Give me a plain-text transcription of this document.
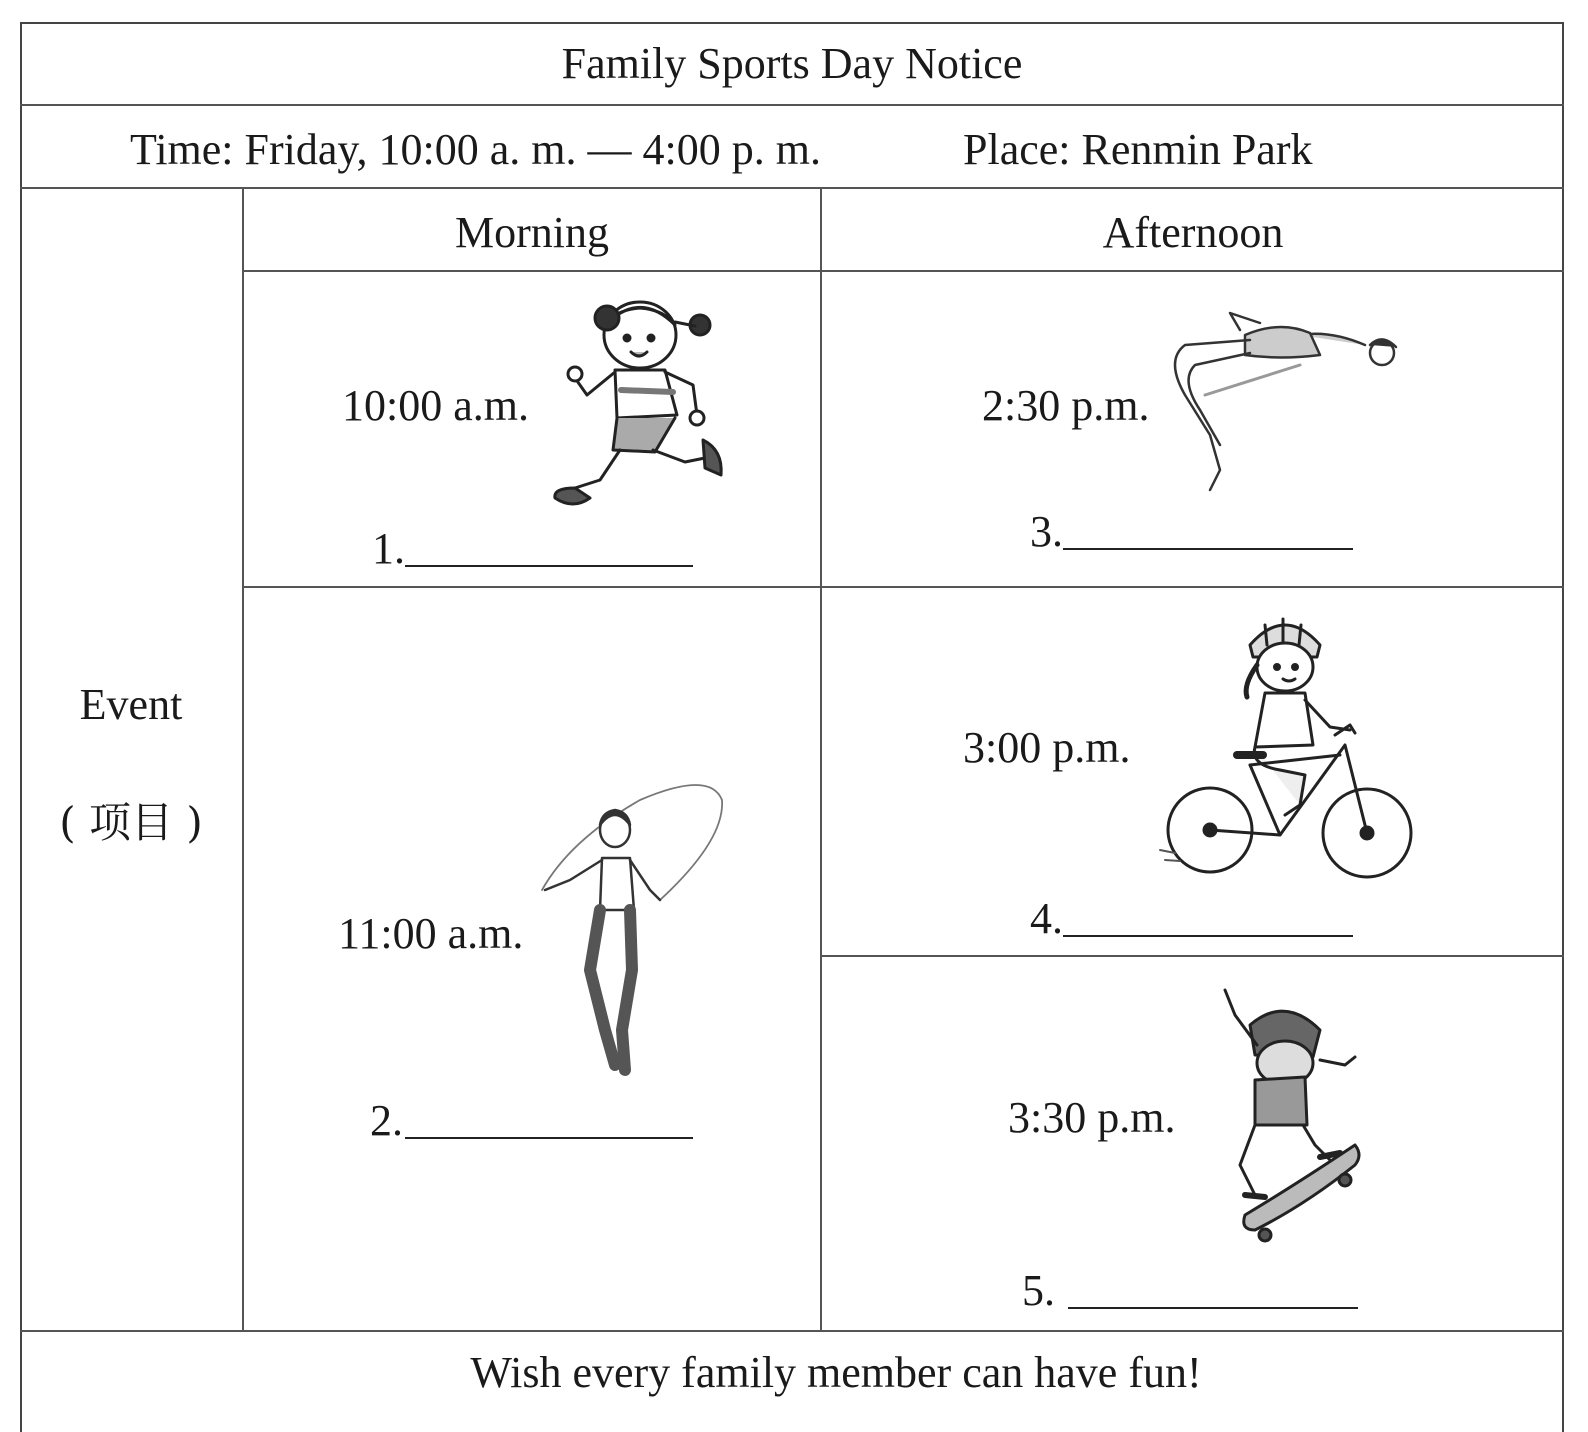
Family Sports Day Notice
Time: Friday, 10:00 a. m. — 4:00 p. m.	Place: Renmin Park
Morning	Afternoon
Event
( 项目 )
10:00 a.m.
1.
11:00 a.m.
2.
2:30 p.m.
3.
3:00 p.m.
4.
3:30 p.m.
5.
Wish every family member can have fun!
